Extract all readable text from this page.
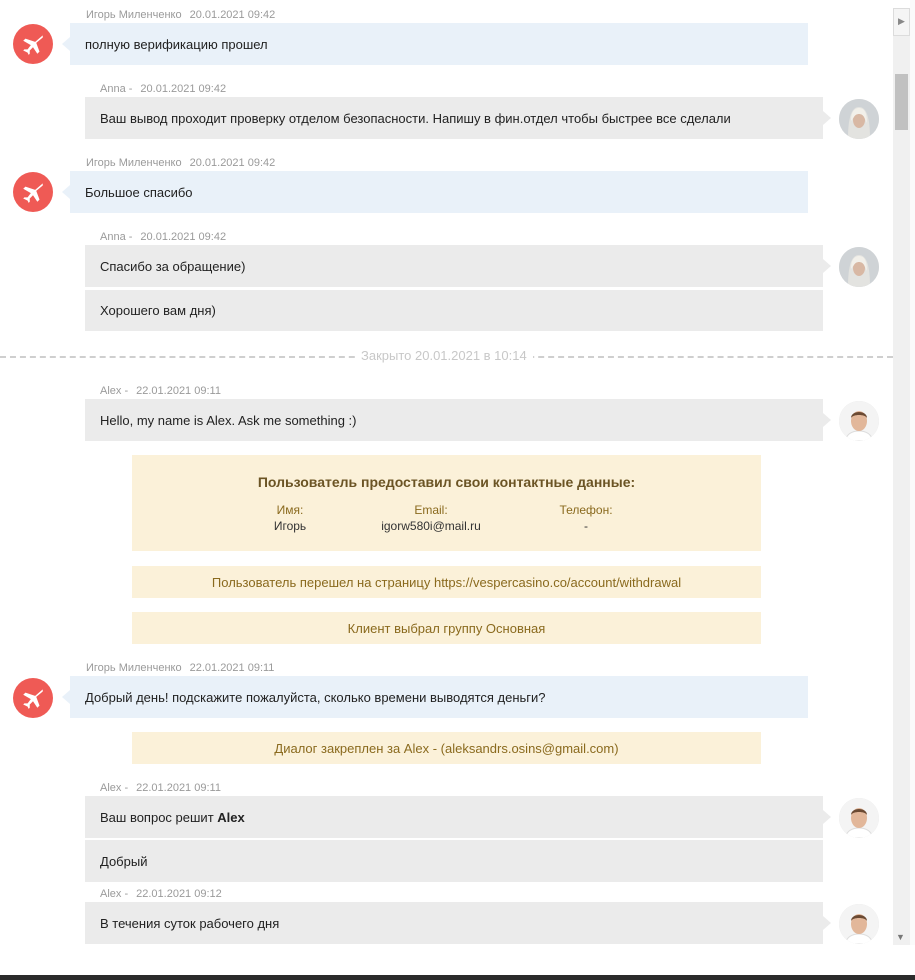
Игорь Миленченко 20.01.2021 09:42
полную верификацию прошел
Anna - 20.01.2021 09:42
Ваш вывод проходит проверку отделом безопасности. Напишу в фин.отдел чтобы быстрее все сделали
Игорь Миленченко 20.01.2021 09:42
Большое спасибо
Anna - 20.01.2021 09:42
Спасибо за обращение)
Хорошего вам дня)
Закрыто 20.01.2021 в 10:14
Alex - 22.01.2021 09:11
Hello, my name is Alex. Ask me something :)
Пользователь предоставил свои контактные данные:
Имя:
Игорь
Email:
igorw580i@mail.ru
Телефон:
-
Пользователь перешел на страницу https://vespercasino.co/account/withdrawal
Клиент выбрал группу Основная
Игорь Миленченко 22.01.2021 09:11
Добрый день! подскажите пожалуйста, сколько времени выводятся деньги?
Диалог закреплен за Alex - (aleksandrs.osins@gmail.com)
Alex - 22.01.2021 09:11
Ваш вопрос решит
Alex
Добрый
Alex - 22.01.2021 09:12
В течения суток рабочего дня
▼
▶
